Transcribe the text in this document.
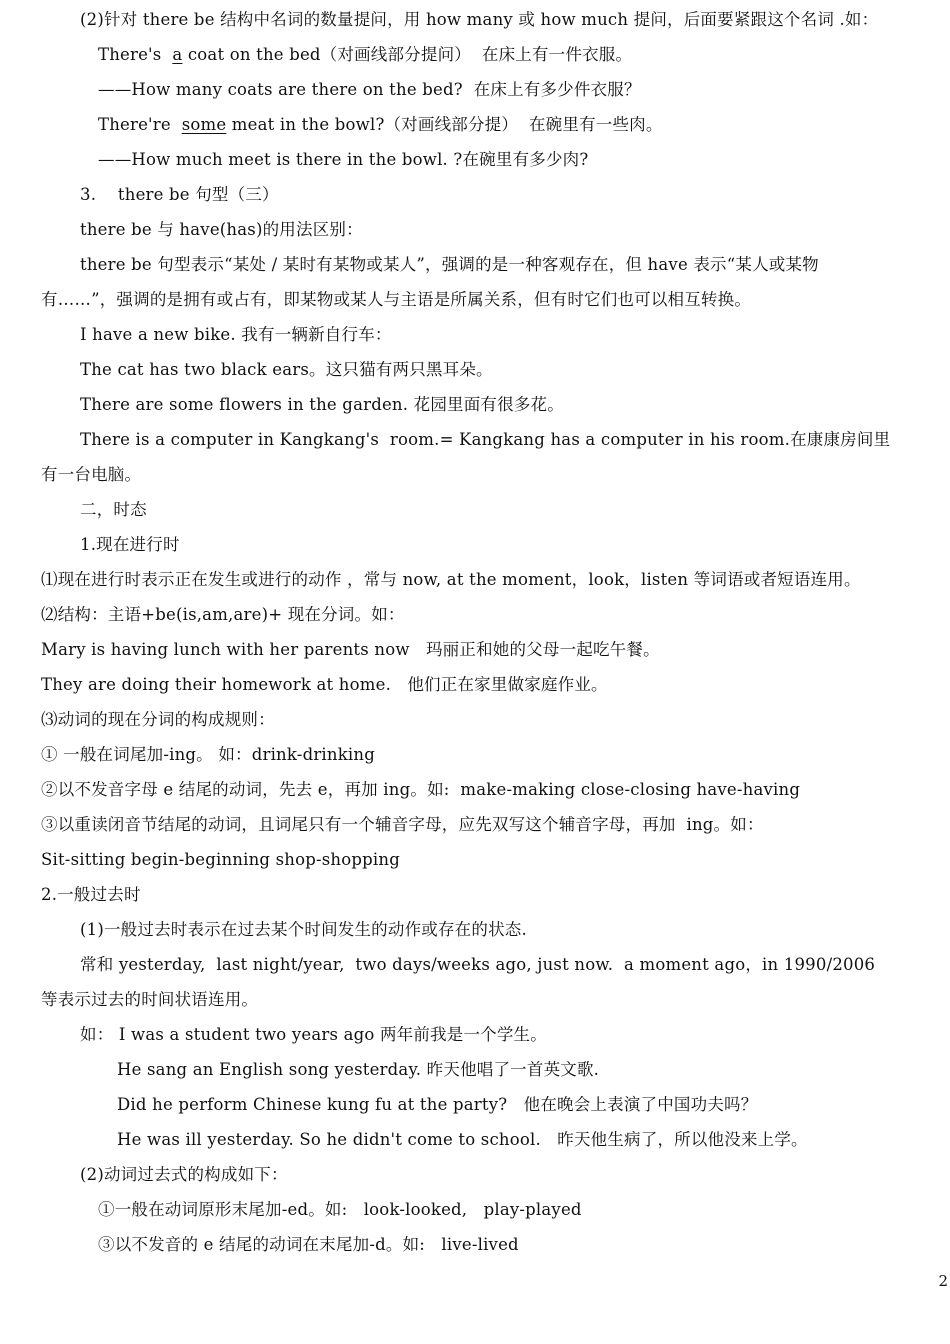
(2)针对 there be 结构中名词的数量提问，用 how many 或 how much 提问，后面要紧跟这个名词 .如：
There's  a coat on the bed（对画线部分提问）  在床上有一件衣服。
——How many coats are there on the bed?  在床上有多少件衣服？
There're  some meat in the bowl?（对画线部分提）  在碗里有一些肉。
——How much meet is there in the bowl. ?在碗里有多少肉?
3.    there be 句型（三）
there be 与 have(has)的用法区别：
there be 句型表示“某处 / 某时有某物或某人”，强调的是一种客观存在，但 have 表示“某人或某物
有……”，强调的是拥有或占有，即某物或某人与主语是所属关系，但有时它们也可以相互转换。
I have a new bike. 我有一辆新自行车：
The cat has two black ears。这只猫有两只黑耳朵。
There are some flowers in the garden. 花园里面有很多花。
There is a computer in Kangkang's  room.= Kangkang has a computer in his room.在康康房间里
有一台电脑。
二，时态
1.现在进行时
⑴现在进行时表示正在发生或进行的动作 ，常与 now, at the moment，look，listen 等词语或者短语连用。
⑵结构：主语+be(is,am,are)+ 现在分词。如：
Mary is having lunch with her parents now   玛丽正和她的父母一起吃午餐。
They are doing their homework at home.   他们正在家里做家庭作业。
⑶动词的现在分词的构成规则：
① 一般在词尾加-ing。 如：drink-drinking
②以不发音字母 e 结尾的动词，先去 e，再加 ing。如:  make-making close-closing have-having
③以重读闭音节结尾的动词，且词尾只有一个辅音字母，应先双写这个辅音字母，再加  ing。如：
Sit-sitting begin-beginning shop-shopping
2.一般过去时
(1)一般过去时表示在过去某个时间发生的动作或存在的状态.
常和 yesterday,  last night/year,  two days/weeks ago, just now.  a moment ago，in 1990/2006
等表示过去的时间状语连用。
如： I was a student two years ago 两年前我是一个学生。
He sang an English song yesterday. 昨天他唱了一首英文歌.
Did he perform Chinese kung fu at the party?   他在晚会上表演了中国功夫吗？
He was ill yesterday. So he didn't come to school.   昨天他生病了，所以他没来上学。
(2)动词过去式的构成如下：
①一般在动词原形末尾加-ed。如:   look-looked,   play-played
③以不发音的 e 结尾的动词在末尾加-d。如:   live-lived
2
